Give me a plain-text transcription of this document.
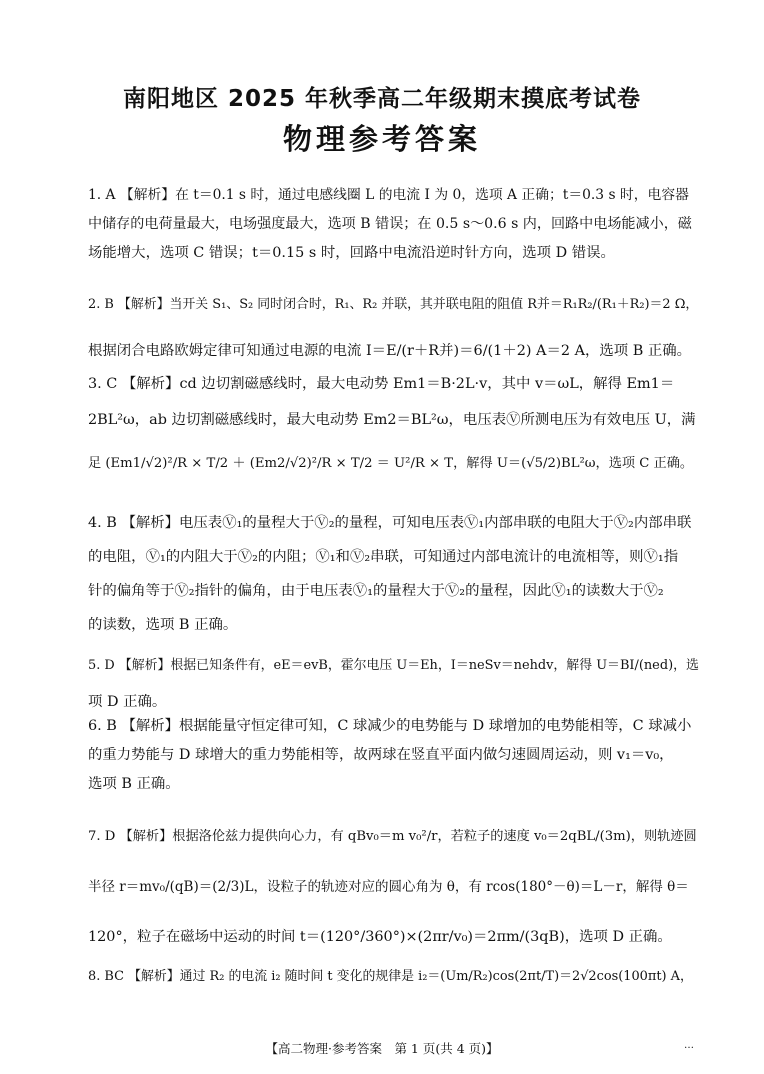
南阳地区 2025 年秋季高二年级期末摸底考试卷
物理参考答案
1. A 【解析】在 t＝0.1 s 时，通过电感线圈 L 的电流 I 为 0，选项 A 正确；t＝0.3 s 时，电容器
中储存的电荷量最大，电场强度最大，选项 B 错误；在 0.5 s～0.6 s 内，回路中电场能减小，磁
场能增大，选项 C 错误；t＝0.15 s 时，回路中电流沿逆时针方向，选项 D 错误。
2. B 【解析】当开关 S₁、S₂ 同时闭合时，R₁、R₂ 并联，其并联电阻的阻值 R并＝R₁R₂/(R₁＋R₂)＝2 Ω，
根据闭合电路欧姆定律可知通过电源的电流 I＝E/(r＋R并)＝6/(1＋2) A＝2 A，选项 B 正确。
3. C 【解析】cd 边切割磁感线时，最大电动势 Em1＝B·2L·v，其中 v＝ωL，解得 Em1＝
2BL²ω，ab 边切割磁感线时，最大电动势 Em2＝BL²ω，电压表Ⓥ所测电压为有效电压 U，满
足 (Em1/√2)²/R × T/2 ＋ (Em2/√2)²/R × T/2 ＝ U²/R × T，解得 U＝(√5/2)BL²ω，选项 C 正确。
4. B 【解析】电压表Ⓥ₁的量程大于Ⓥ₂的量程，可知电压表Ⓥ₁内部串联的电阻大于Ⓥ₂内部串联
的电阻，Ⓥ₁的内阻大于Ⓥ₂的内阻；Ⓥ₁和Ⓥ₂串联，可知通过内部电流计的电流相等，则Ⓥ₁指
针的偏角等于Ⓥ₂指针的偏角，由于电压表Ⓥ₁的量程大于Ⓥ₂的量程，因此Ⓥ₁的读数大于Ⓥ₂
的读数，选项 B 正确。
5. D 【解析】根据已知条件有，eE＝evB，霍尔电压 U＝Eh，I＝neSv＝nehdv，解得 U＝BI/(ned)，选
项 D 正确。
6. B 【解析】根据能量守恒定律可知，C 球减少的电势能与 D 球增加的电势能相等，C 球减小
的重力势能与 D 球增大的重力势能相等，故两球在竖直平面内做匀速圆周运动，则 v₁＝v₀，
选项 B 正确。
7. D 【解析】根据洛伦兹力提供向心力，有 qBv₀＝m v₀²/r，若粒子的速度 v₀＝2qBL/(3m)，则轨迹圆
半径 r＝mv₀/(qB)＝(2/3)L，设粒子的轨迹对应的圆心角为 θ，有 rcos(180°－θ)＝L－r，解得 θ＝
120°，粒子在磁场中运动的时间 t＝(120°/360°)×(2πr/v₀)＝2πm/(3qB)，选项 D 正确。
8. BC 【解析】通过 R₂ 的电流 i₂ 随时间 t 变化的规律是 i₂＝(Um/R₂)cos(2πt/T)＝2√2cos(100πt) A，
【高二物理·参考答案　第 1 页(共 4 页)】	…
